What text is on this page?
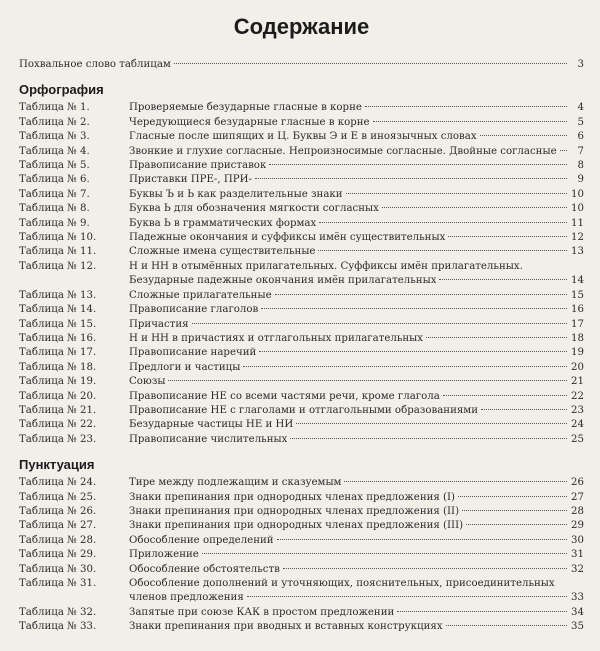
Содержание
Похвальное слово таблицам	3
Орфография
Таблица № 1.	Проверяемые безударные гласные в корне	4
Таблица № 2.	Чередующиеся безударные гласные в корне	5
Таблица № 3.	Гласные после шипящих и Ц. Буквы Э и Е в иноязычных словах	6
Таблица № 4.	Звонкие и глухие согласные. Непроизносимые согласные. Двойные согласные	7
Таблица № 5.	Правописание приставок	8
Таблица № 6.	Приставки ПРЕ-, ПРИ-	9
Таблица № 7.	Буквы Ъ и Ь как разделительные знаки	10
Таблица № 8.	Буква Ь для обозначения мягкости согласных	10
Таблица № 9.	Буква Ь в грамматических формах	11
Таблица № 10.	Падежные окончания и суффиксы имён существительных	12
Таблица № 11.	Сложные имена существительные	13
Таблица № 12.	Н и НН в отымённых прилагательных. Суффиксы имён прилагательных.
Безударные падежные окончания имён прилагательных	14
Таблица № 13.	Сложные прилагательные	15
Таблица № 14.	Правописание глаголов	16
Таблица № 15.	Причастия	17
Таблица № 16.	Н и НН в причастиях и отглагольных прилагательных	18
Таблица № 17.	Правописание наречий	19
Таблица № 18.	Предлоги и частицы	20
Таблица № 19.	Союзы	21
Таблица № 20.	Правописание НЕ со всеми частями речи, кроме глагола	22
Таблица № 21.	Правописание НЕ с глаголами и отглагольными образованиями	23
Таблица № 22.	Безударные частицы НЕ и НИ	24
Таблица № 23.	Правописание числительных	25
Пунктуация
Таблица № 24.	Тире между подлежащим и сказуемым	26
Таблица № 25.	Знаки препинания при однородных членах предложения (I)	27
Таблица № 26.	Знаки препинания при однородных членах предложения (II)	28
Таблица № 27.	Знаки препинания при однородных членах предложения (III)	29
Таблица № 28.	Обособление определений	30
Таблица № 29.	Приложение	31
Таблица № 30.	Обособление обстоятельств	32
Таблица № 31.	Обособление дополнений и уточняющих, пояснительных, присоединительных
членов предложения	33
Таблица № 32.	Запятые при союзе КАК в простом предложении	34
Таблица № 33.	Знаки препинания при вводных и вставных конструкциях	35
